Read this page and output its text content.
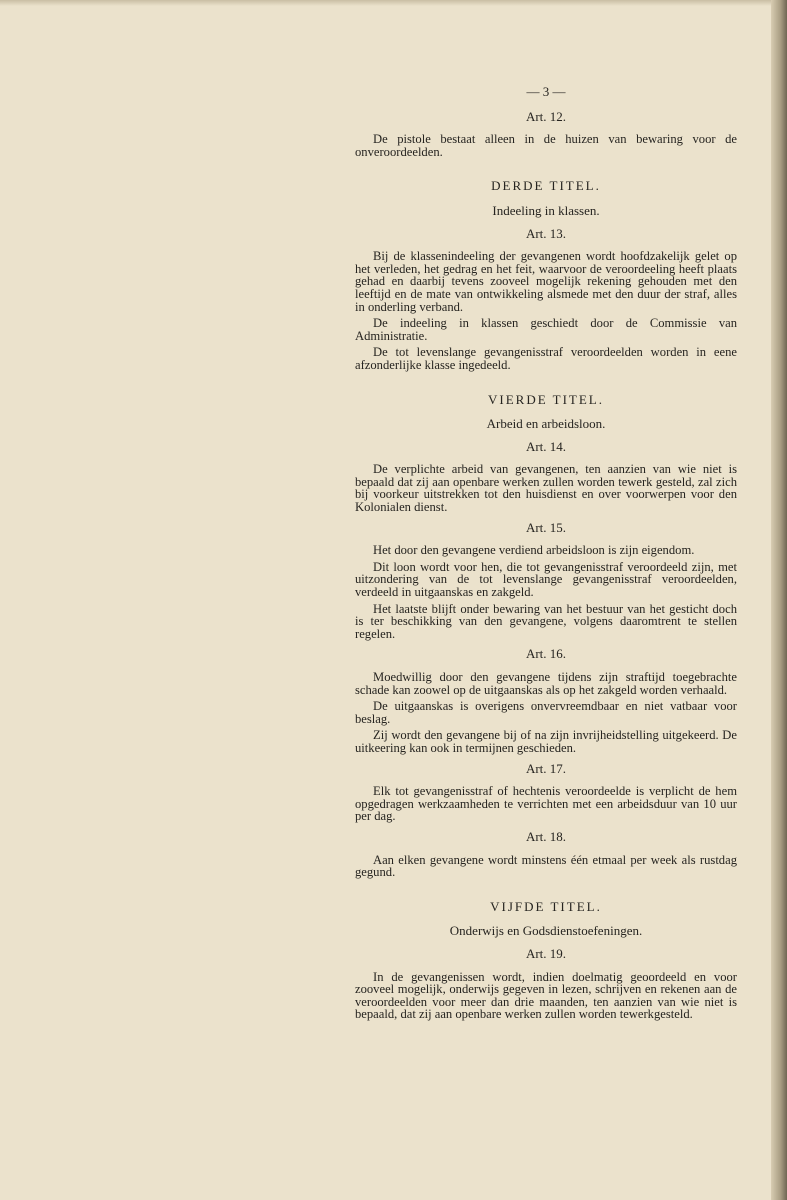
— 3 —
Art. 12.
De pistole bestaat alleen in de huizen van bewaring voor de onveroordeelden.
DERDE TITEL.
Indeeling in klassen.
Art. 13.
Bij de klassenindeeling der gevangenen wordt hoofdzakelijk gelet op het verleden, het gedrag en het feit, waarvoor de veroordeeling heeft plaats gehad en daarbij tevens zooveel mogelijk rekening gehouden met den leeftijd en de mate van ontwikkeling alsmede met den duur der straf, alles in onderling verband.
De indeeling in klassen geschiedt door de Commissie van Administratie.
De tot levenslange gevangenisstraf veroordeelden worden in eene afzonderlijke klasse ingedeeld.
VIERDE TITEL.
Arbeid en arbeidsloon.
Art. 14.
De verplichte arbeid van gevangenen, ten aanzien van wie niet is bepaald dat zij aan openbare werken zullen worden tewerk gesteld, zal zich bij voorkeur uitstrekken tot den huisdienst en over voorwerpen voor den Kolonialen dienst.
Art. 15.
Het door den gevangene verdiend arbeidsloon is zijn eigendom.
Dit loon wordt voor hen, die tot gevangenisstraf veroordeeld zijn, met uitzondering van de tot levenslange gevangenisstraf veroordeelden, verdeeld in uitgaanskas en zakgeld.
Het laatste blijft onder bewaring van het bestuur van het gesticht doch is ter beschikking van den gevangene, volgens daaromtrent te stellen regelen.
Art. 16.
Moedwillig door den gevangene tijdens zijn straftijd toegebrachte schade kan zoowel op de uitgaanskas als op het zakgeld worden verhaald.
De uitgaanskas is overigens onvervreemdbaar en niet vatbaar voor beslag.
Zij wordt den gevangene bij of na zijn invrijheidstelling uitgekeerd. De uitkeering kan ook in termijnen geschieden.
Art. 17.
Elk tot gevangenisstraf of hechtenis veroordeelde is verplicht de hem opgedragen werkzaamheden te verrichten met een arbeidsduur van 10 uur per dag.
Art. 18.
Aan elken gevangene wordt minstens één etmaal per week als rustdag gegund.
VIJFDE TITEL.
Onderwijs en Godsdienstoefeningen.
Art. 19.
In de gevangenissen wordt, indien doelmatig geoordeeld en voor zooveel mogelijk, onderwijs gegeven in lezen, schrijven en rekenen aan de veroordeelden voor meer dan drie maanden, ten aanzien van wie niet is bepaald, dat zij aan openbare werken zullen worden tewerkgesteld.
